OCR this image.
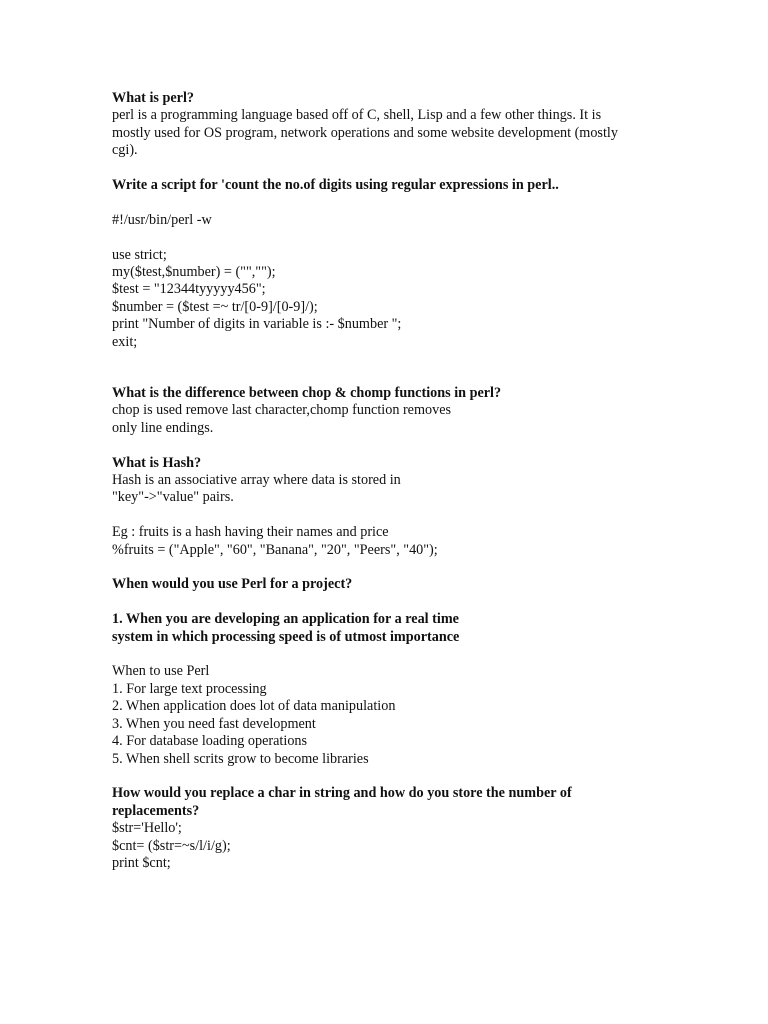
What is perl?
perl is a programming language based off of C, shell, Lisp and a few other things. It is
mostly used for OS program, network operations and some website development (mostly
cgi).
Write a script for 'count the no.of digits using regular expressions in perl..
#!/usr/bin/perl -w
use strict;
my($test,$number) = ("","");
$test = "12344tyyyyy456";
$number = ($test =~ tr/[0-9]/[0-9]/);
print "Number of digits in variable is :- $number ";
exit;
What is the difference between chop & chomp functions in perl?
chop is used remove last character,chomp function removes
only line endings.
What is Hash?
Hash is an associative array where data is stored in
"key"->"value" pairs.
Eg : fruits is a hash having their names and price
%fruits = ("Apple", "60", "Banana", "20", "Peers", "40");
When would you use Perl for a project?
1. When you are developing an application for a real time
system in which processing speed is of utmost importance
When to use Perl
1. For large text processing
2. When application does lot of data manipulation
3. When you need fast development
4. For database loading operations
5. When shell scrits grow to become libraries
How would you replace a char in string and how do you store the number of
replacements?
$str='Hello';
$cnt= ($str=~s/l/i/g);
print $cnt;
